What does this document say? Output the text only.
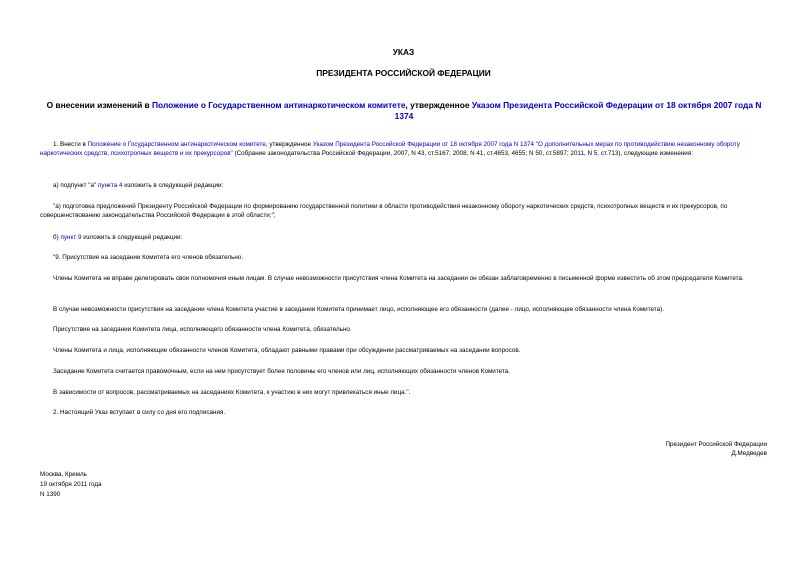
УКАЗ
ПРЕЗИДЕНТА РОССИЙСКОЙ ФЕДЕРАЦИИ
О внесении изменений в Положение о Государственном антинаркотическом комитете, утвержденное Указом Президента Российской Федерации от 18 октября 2007 года N 1374
1. Внести в Положение о Государственном антинаркотическом комитете, утвержденное Указом Президента Российской Федерации от 18 октября 2007 года N 1374 "О дополнительных мерах по противодействию незаконному обороту наркотических средств, психотропных веществ и их прекурсоров" (Собрание законодательства Российской Федерации, 2007, N 43, ст.5167; 2008, N 41, ст.4653, 4655; N 50, ст.5897; 2011, N 5, ст.713), следующие изменения:
а) подпункт "а" пункта 4 изложить в следующей редакции:
"а) подготовка предложений Президенту Российской Федерации по формированию государственной политики в области противодействия незаконному обороту наркотических средств, психотропных веществ и их прекурсоров, по совершенствованию законодательства Российской Федерации в этой области;";
б) пункт 9 изложить в следующей редакции:
"9. Присутствие на заседании Комитета его членов обязательно.
Члены Комитета не вправе делегировать свои полномочия иным лицам. В случае невозможности присутствия члена Комитета на заседании он обязан заблаговременно в письменной форме известить об этом председателя Комитета.
В случае невозможности присутствия на заседании члена Комитета участие в заседании Комитета принимает лицо, исполняющее его обязанности (далее - лицо, исполняющее обязанности члена Комитета).
Присутствие на заседании Комитета лица, исполняющего обязанности члена Комитета, обязательно.
Члены Комитета и лица, исполняющие обязанности членов Комитета, обладают равными правами при обсуждении рассматриваемых на заседании вопросов.
Заседание Комитета считается правомочным, если на нем присутствует более половины его членов или лиц, исполняющих обязанности членов Комитета.
В зависимости от вопросов, рассматриваемых на заседаниях Комитета, к участию в них могут привлекаться иные лица.".
2. Настоящий Указ вступает в силу со дня его подписания.
Президент Российской Федерации
Д.Медведев
Москва, Кремль
19 октября 2011 года
N 1390
